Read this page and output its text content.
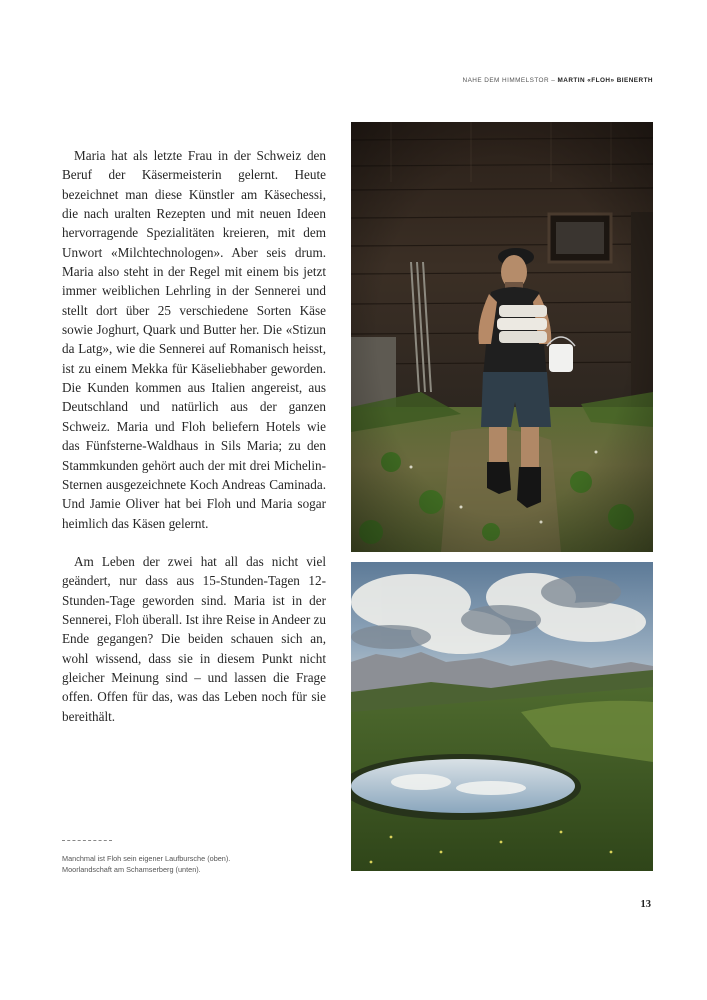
NAHE DEM HIMMELSTOR – MARTIN «FLOH» BIENERTH

Maria hat als letzte Frau in der Schweiz den Beruf der Käsermeisterin gelernt. Heute bezeichnet man diese Künstler am Käsechessi, die nach uralten Rezepten und mit neuen Ideen hervorragende Spezialitäten kreieren, mit dem Unwort «Milchtechnologen». Aber seis drum. Maria also steht in der Regel mit einem bis jetzt immer weiblichen Lehrling in der Sennerei und stellt dort über 25 verschiedene Sorten Käse sowie Joghurt, Quark und Butter her. Die «Stizun da Latg», wie die Sennerei auf Romanisch heisst, ist zu einem Mekka für Käseliebhaber geworden. Die Kunden kommen aus Italien angereist, aus Deutschland und natürlich aus der ganzen Schweiz. Maria und Floh beliefern Hotels wie das Fünfsterne-Waldhaus in Sils Maria; zu den Stammkunden gehört auch der mit drei Michelin-Sternen ausgezeichnete Koch Andreas Caminada. Und Jamie Oliver hat bei Floh und Maria sogar heimlich das Käsen gelernt.

Am Leben der zwei hat all das nicht viel geändert, nur dass aus 15-Stunden-Tagen 12-Stunden-Tage geworden sind. Maria ist in der Sennerei, Floh überall. Ist ihre Reise in Andeer zu Ende gegangen? Die beiden schauen sich an, wohl wissend, dass sie in diesem Punkt nicht gleicher Meinung sind – und lassen die Frage offen. Offen für das, was das Leben noch für sie bereithält.

Manchmal ist Floh sein eigener Laufbursche (oben).
Moorlandschaft am Schamserberg (unten).
13
